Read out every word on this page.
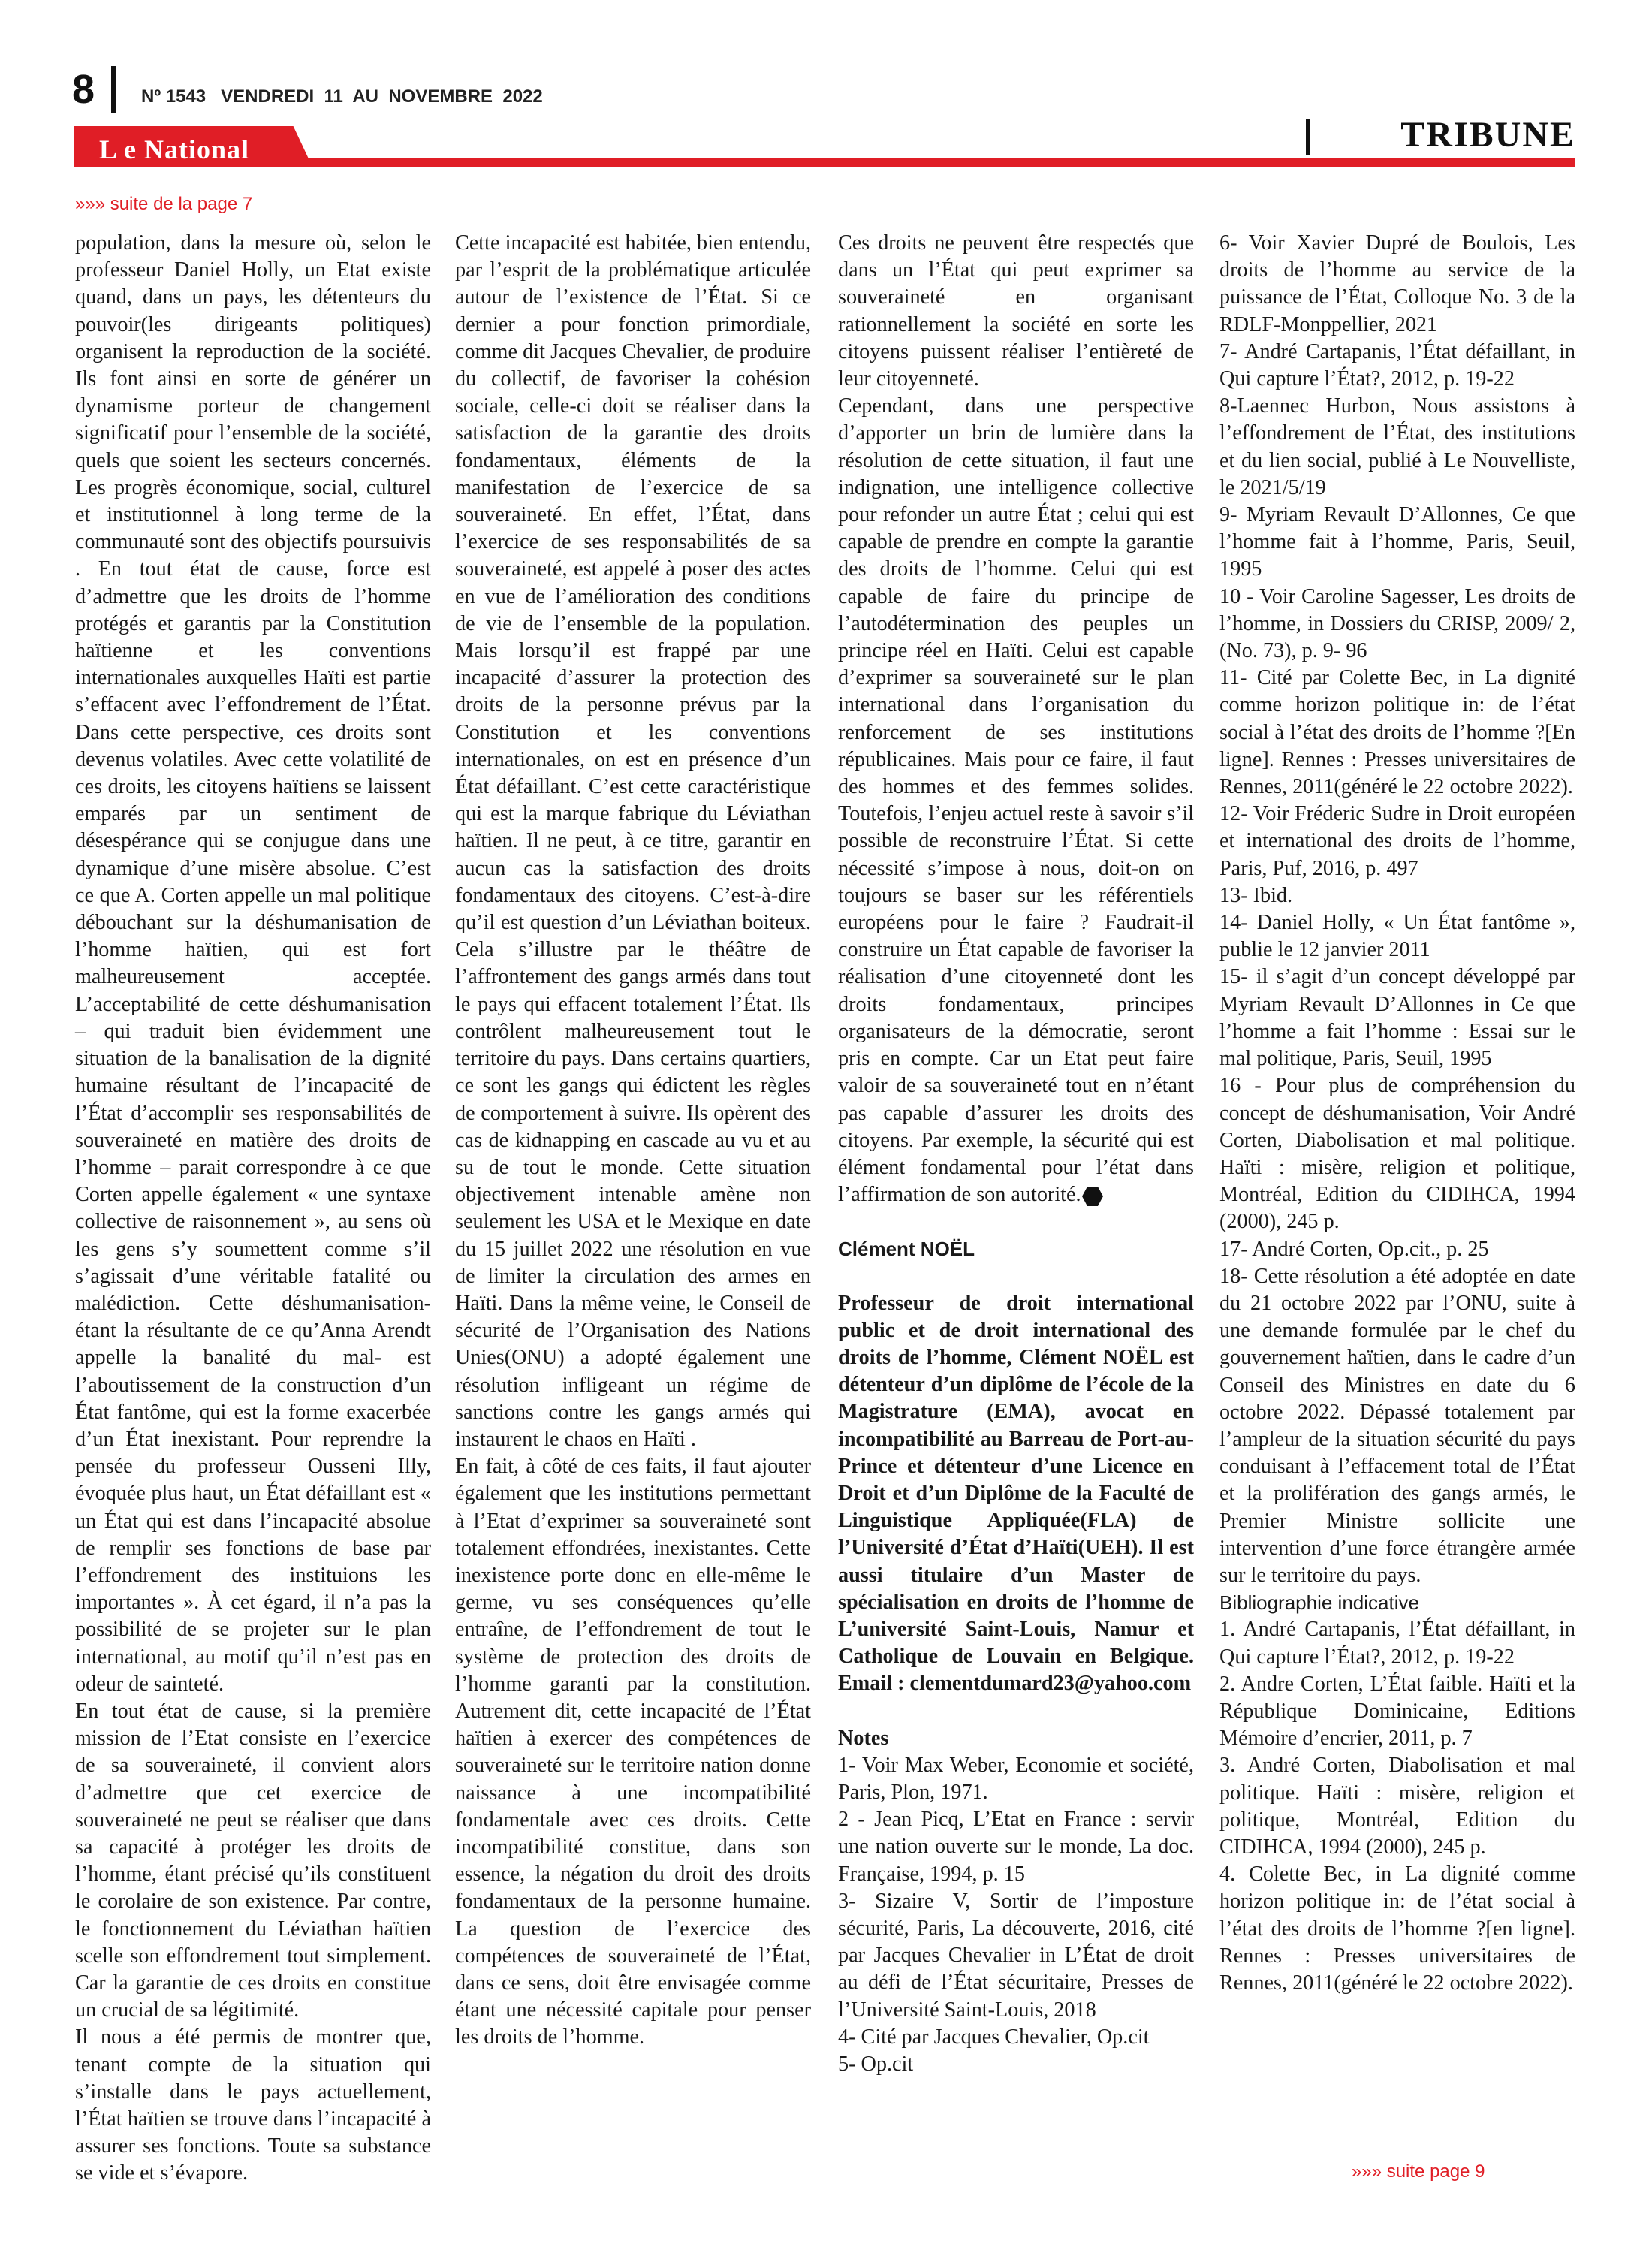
8	Nº 1543   VENDREDI  11  AU  NOVEMBRE  2022
L e National	TRIBUNE
»»» suite de la page 7

population, dans la mesure où, selon le professeur Daniel Holly, un Etat existe quand, dans un pays, les détenteurs du pouvoir(les dirigeants politiques) organisent la reproduction de la société. Ils font ainsi en sorte de générer un dynamisme porteur de changement significatif pour l’ensemble de la société, quels que soient les secteurs concernés. Les progrès économique, social, culturel et institutionnel à long terme de la communauté sont des objectifs poursuivis . En tout état de cause, force est d’admettre que les droits de l’homme protégés et garantis par la Constitution haïtienne et les conventions internationales auxquelles Haïti est partie s’effacent avec l’effondrement de l’État. Dans cette perspective, ces droits sont devenus volatiles. Avec cette volatilité de ces droits, les citoyens haïtiens se laissent emparés par un sentiment de désespérance qui se conjugue dans une dynamique d’une misère absolue. C’est ce que A. Corten appelle un mal politique débouchant sur la déshumanisation de l’homme haïtien, qui est fort malheureusement acceptée. L’acceptabilité de cette déshumanisation – qui traduit bien évidemment une situation de la banalisation de la dignité humaine résultant de l’incapacité de l’État d’accomplir ses responsabilités de souveraineté en matière des droits de l’homme – parait correspondre à ce que Corten appelle également « une syntaxe collective de raisonnement », au sens où les gens s’y soumettent comme s’il s’agissait d’une véritable fatalité ou malédiction. Cette déshumanisation- étant la résultante de ce qu’Anna Arendt appelle la banalité du mal- est l’aboutissement de la construction d’un État fantôme, qui est la forme exacerbée d’un État inexistant. Pour reprendre la pensée du professeur Ousseni Illy, évoquée plus haut, un État défaillant est « un État qui est dans l’incapacité absolue de remplir ses fonctions de base par l’effondrement des instituions les importantes ». À cet égard, il n’a pas la possibilité de se projeter sur le plan international, au motif qu’il n’est pas en odeur de sainteté.

En tout état de cause, si la première mission de l’Etat consiste en l’exercice de sa souveraineté, il convient alors d’admettre que cet exercice de souveraineté ne peut se réaliser que dans sa capacité à protéger les droits de l’homme, étant précisé qu’ils constituent le corolaire de son existence. Par contre, le fonctionnement du Léviathan haïtien scelle son effondrement tout simplement. Car la garantie de ces droits en constitue un crucial de sa légitimité.

Il nous a été permis de montrer que, tenant compte de la situation qui s’installe dans le pays actuellement, l’État haïtien se trouve dans l’incapacité à assurer ses fonctions. Toute sa substance se vide et s’évapore.

Cette incapacité est habitée, bien entendu, par l’esprit de la problématique articulée autour de l’existence de l’État. Si ce dernier a pour fonction primordiale, comme dit Jacques Chevalier, de produire du collectif, de favoriser la cohésion sociale, celle-ci doit se réaliser dans la satisfaction de la garantie des droits fondamentaux, éléments de la manifestation de l’exercice de sa souveraineté. En effet, l’État, dans l’exercice de ses responsabilités de sa souveraineté, est appelé à poser des actes en vue de l’amélioration des conditions de vie de l’ensemble de la population. Mais lorsqu’il est frappé par une incapacité d’assurer la protection des droits de la personne prévus par la Constitution et les conventions internationales, on est en présence d’un État défaillant. C’est cette caractéristique qui est la marque fabrique du Léviathan haïtien. Il ne peut, à ce titre, garantir en aucun cas la satisfaction des droits fondamentaux des citoyens. C’est-à-dire qu’il est question d’un Léviathan boiteux. Cela s’illustre par le théâtre de l’affrontement des gangs armés dans tout le pays qui effacent totalement l’État. Ils contrôlent malheureusement tout le territoire du pays. Dans certains quartiers, ce sont les gangs qui édictent les règles de comportement à suivre. Ils opèrent des cas de kidnapping en cascade au vu et au su de tout le monde. Cette situation objectivement intenable amène non seulement les USA et le Mexique en date du 15 juillet 2022 une résolution en vue de limiter la circulation des armes en Haïti. Dans la même veine, le Conseil de sécurité de l’Organisation des Nations Unies(ONU) a adopté également une résolution infligeant un régime de sanctions contre les gangs armés qui instaurent le chaos en Haïti .

En fait, à côté de ces faits, il faut ajouter également que les institutions permettant à l’Etat d’exprimer sa souveraineté sont totalement effondrées, inexistantes. Cette inexistence porte donc en elle-même le germe, vu ses conséquences qu’elle entraîne, de l’effondrement de tout le système de protection des droits de l’homme garanti par la constitution. Autrement dit, cette incapacité de l’État haïtien à exercer des compétences de souveraineté sur le territoire nation donne naissance à une incompatibilité fondamentale avec ces droits. Cette incompatibilité constitue, dans son essence, la négation du droit des droits fondamentaux de la personne humaine. La question de l’exercice des compétences de souveraineté de l’État, dans ce sens, doit être envisagée comme étant une nécessité capitale pour penser les droits de l’homme.

Ces droits ne peuvent être respectés que dans un l’État qui peut exprimer sa souveraineté en organisant rationnellement la société en sorte les citoyens puissent réaliser l’entièreté de leur citoyenneté.

Cependant, dans une perspective d’apporter un brin de lumière dans la résolution de cette situation, il faut une indignation, une intelligence collective pour refonder un autre État ; celui qui est capable de prendre en compte la garantie des droits de l’homme. Celui qui est capable de faire du principe de l’autodétermination des peuples un principe réel en Haïti. Celui est capable d’exprimer sa souveraineté sur le plan international dans l’organisation du renforcement de ses institutions républicaines. Mais pour ce faire, il faut des hommes et des femmes solides. Toutefois, l’enjeu actuel reste à savoir s’il possible de reconstruire l’État. Si cette nécessité s’impose à nous, doit-on on toujours se baser sur les référentiels européens pour le faire ? Faudrait-il construire un État capable de favoriser la réalisation d’une citoyenneté dont les droits fondamentaux, principes organisateurs de la démocratie, seront pris en compte. Car un Etat peut faire valoir de sa souveraineté tout en n’étant pas capable d’assurer les droits des citoyens. Par exemple, la sécurité qui est élément fondamental pour l’état dans l’affirmation de son autorité.

Clément NOËL

Professeur de droit international public et de droit international des droits de l’homme, Clément NOËL est détenteur d’un diplôme de l’école de la Magistrature (EMA), avocat en incompatibilité au Barreau de Port-au-Prince et détenteur d’une Licence en Droit et d’un Diplôme de la Faculté de Linguistique Appliquée(FLA) de l’Université d’État d’Haïti(UEH). Il est aussi titulaire d’un Master de spécialisation en droits de l’homme de L’université Saint-Louis, Namur et Catholique de Louvain en Belgique. Email : clementdumard23@yahoo.com

Notes

1- Voir Max Weber, Economie et société, Paris, Plon, 1971.

2 - Jean Picq, L’Etat en France : servir une nation ouverte sur le monde, La doc. Française, 1994, p. 15

3- Sizaire V, Sortir de l’imposture sécurité, Paris, La découverte, 2016, cité par Jacques Chevalier in L’État de droit au défi de l’État sécuritaire, Presses de l’Université Saint-Louis, 2018

4- Cité par Jacques Chevalier, Op.cit

5- Op.cit

6- Voir Xavier Dupré de Boulois, Les droits de l’homme au service de la puissance de l’État, Colloque No. 3 de la RDLF-Monppellier, 2021

7- André Cartapanis, l’État défaillant, in Qui capture l’État?, 2012, p. 19-22

8-Laennec Hurbon, Nous assistons à l’effondrement de l’État, des institutions et du lien social, publié à Le Nouvelliste, le 2021/5/19

9- Myriam Revault D’Allonnes, Ce que l’homme fait à l’homme, Paris, Seuil, 1995

10 - Voir Caroline Sagesser, Les droits de l’homme, in Dossiers du CRISP, 2009/ 2, (No. 73), p. 9- 96

11- Cité par Colette Bec, in La dignité comme horizon politique in: de l’état social à l’état des droits de l’homme ?[En ligne]. Rennes : Presses universitaires de Rennes, 2011(généré le 22 octobre 2022).

12- Voir Fréderic Sudre in Droit européen et international des droits de l’homme, Paris, Puf, 2016, p. 497

13- Ibid.

14- Daniel Holly, « Un État fantôme », publie le 12 janvier 2011

15- il s’agit d’un concept développé par Myriam Revault D’Allonnes in Ce que l’homme a fait l’homme : Essai sur le mal politique, Paris, Seuil, 1995

16 - Pour plus de compréhension du concept de déshumanisation, Voir André Corten, Diabolisation et mal politique. Haïti : misère, religion et politique, Montréal, Edition du CIDIHCA, 1994 (2000), 245 p.

17- André Corten, Op.cit., p. 25

18- Cette résolution a été adoptée en date du 21 octobre 2022 par l’ONU, suite à une demande formulée par le chef du gouvernement haïtien, dans le cadre d’un Conseil des Ministres en date du 6 octobre 2022. Dépassé totalement par l’ampleur de la situation sécurité du pays conduisant à l’effacement total de l’État et la prolifération des gangs armés, le Premier Ministre sollicite une intervention d’une force étrangère armée sur le territoire du pays.

Bibliographie indicative

1. André Cartapanis, l’État défaillant, in Qui capture l’État?, 2012, p. 19-22

2. Andre Corten, L’État faible. Haïti et la République Dominicaine, Editions Mémoire d’encrier, 2011, p. 7

3. André Corten, Diabolisation et mal politique. Haïti : misère, religion et politique, Montréal, Edition du CIDIHCA, 1994 (2000), 245 p.

4. Colette Bec, in La dignité comme horizon politique in: de l’état social à l’état des droits de l’homme ?[en ligne]. Rennes : Presses universitaires de Rennes, 2011(généré le 22 octobre 2022).

»»» suite page 9
